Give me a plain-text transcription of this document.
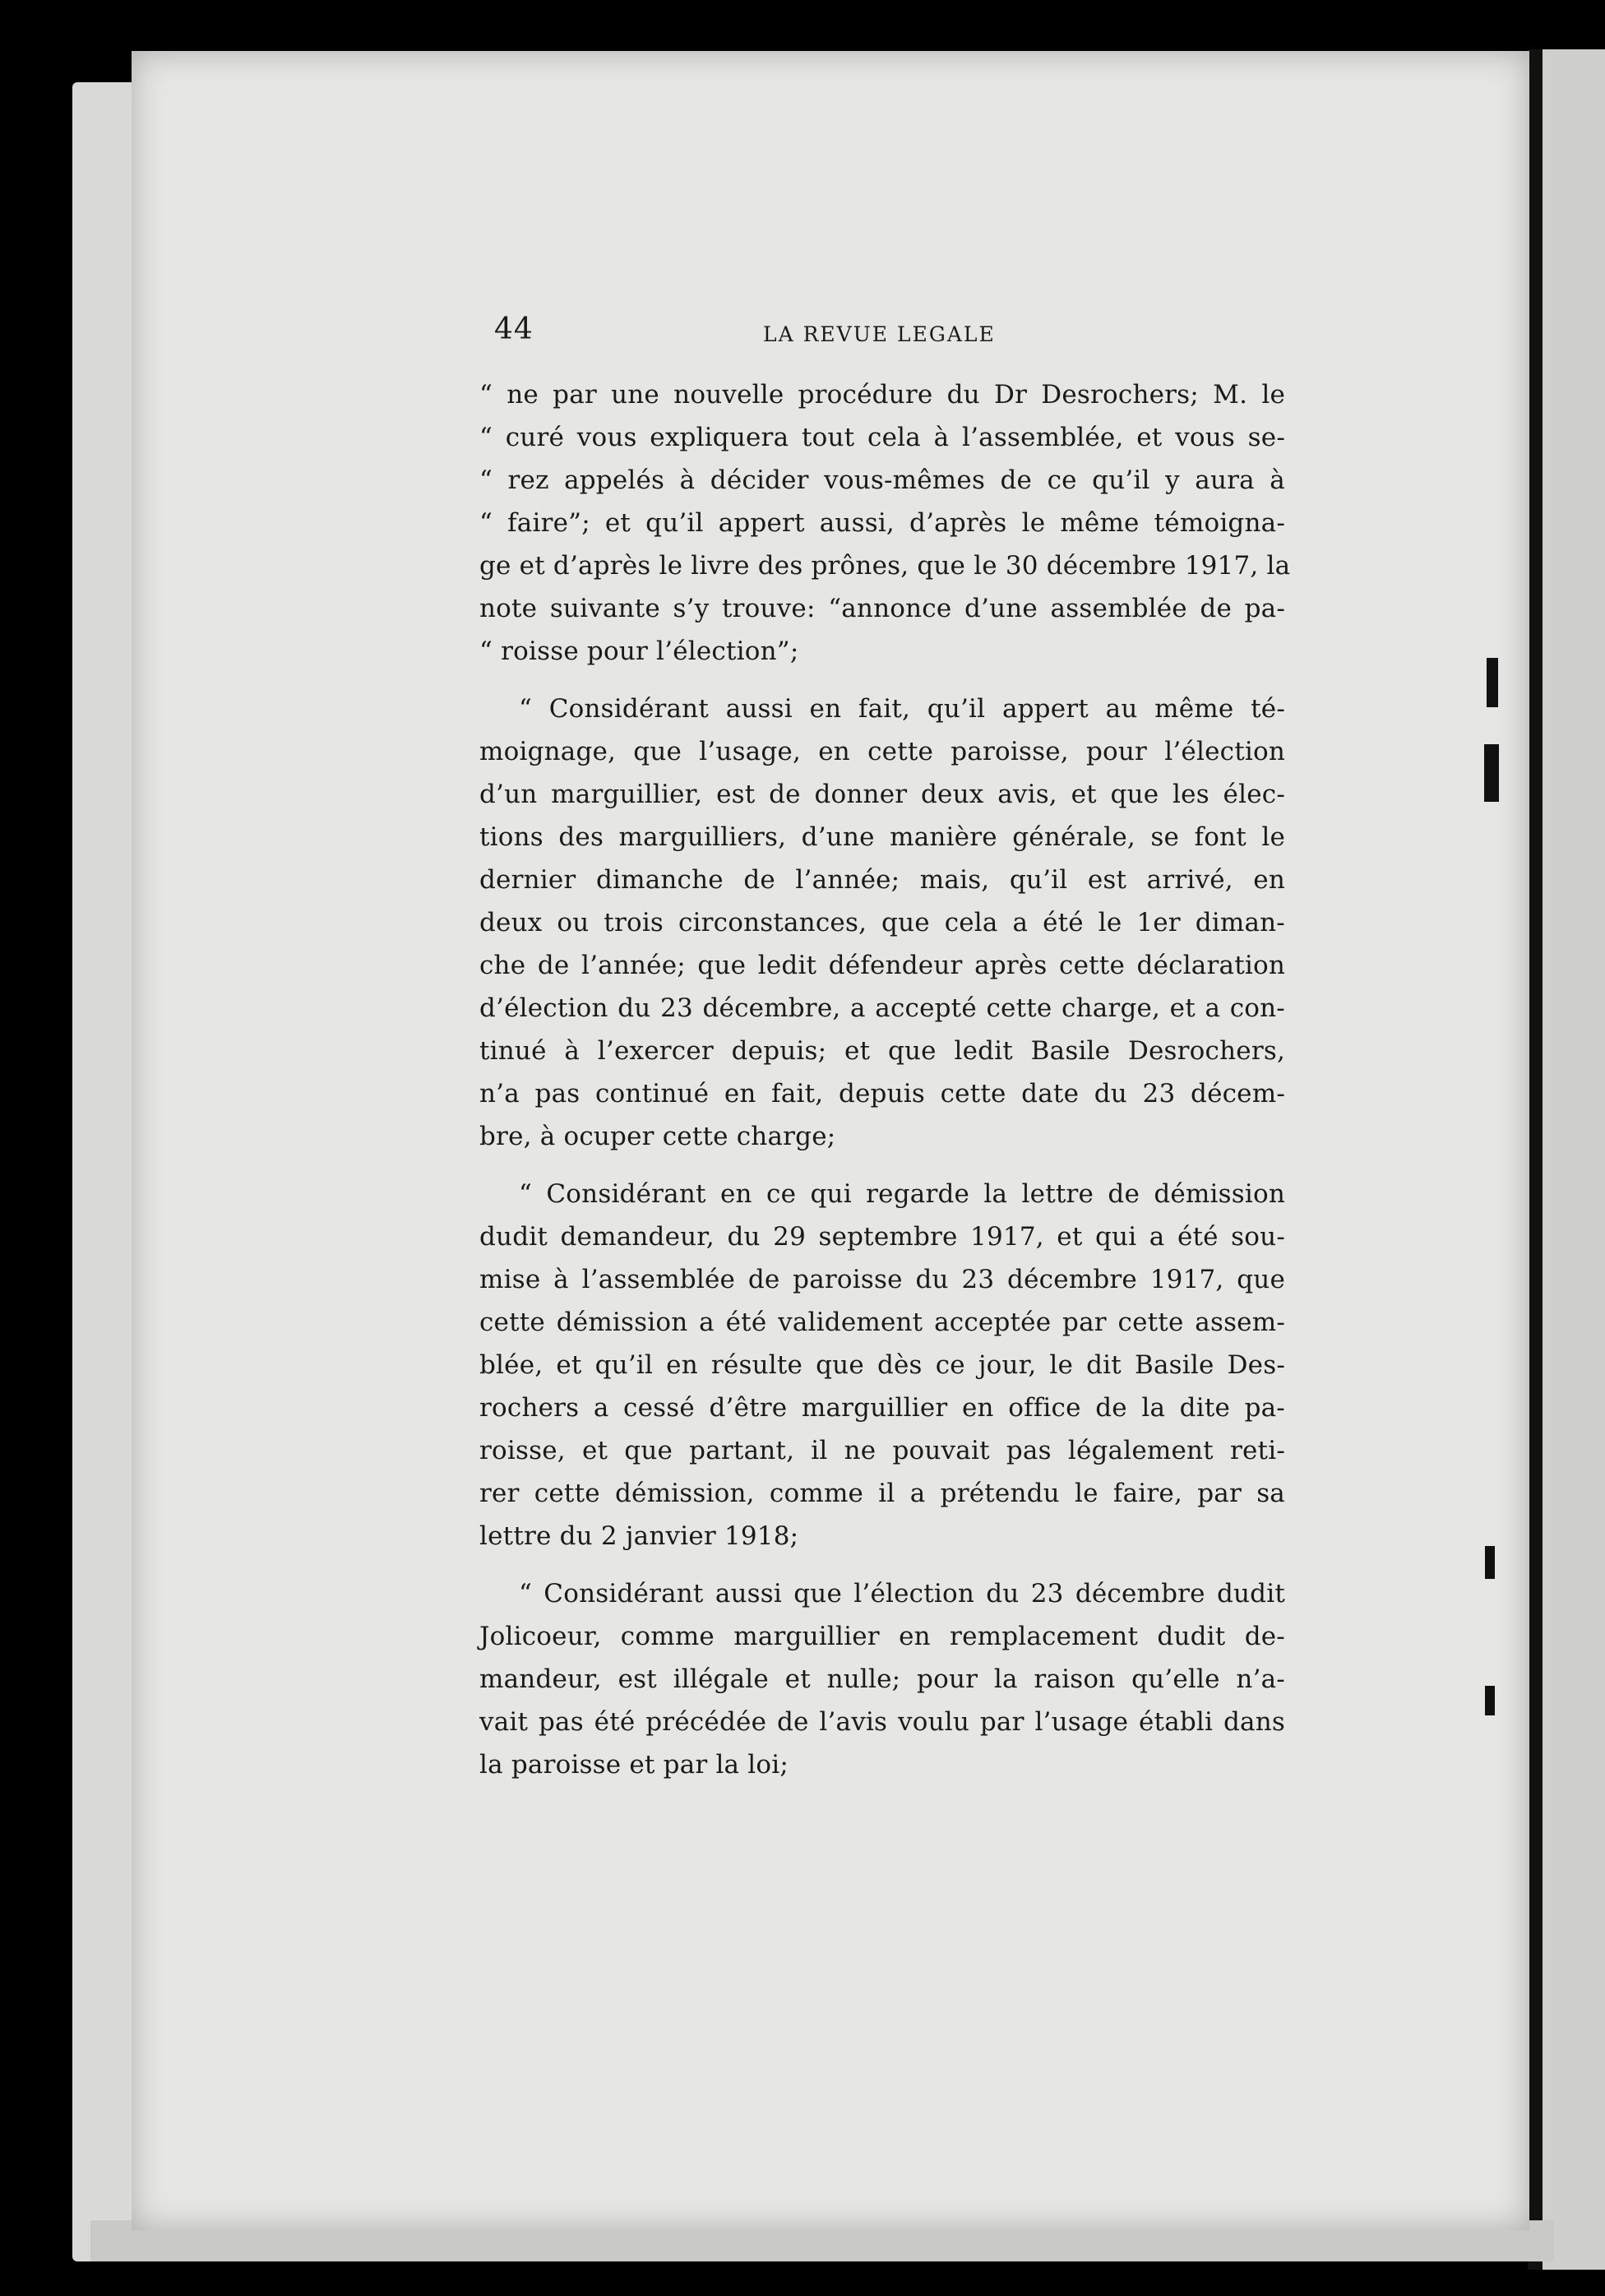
44	LA REVUE LEGALE

“ ne par une nouvelle procédure du Dr Desrochers; M. le
“ curé vous expliquera tout cela à l’assemblée, et vous se-
“ rez appelés à décider vous-mêmes de ce qu’il y aura à
“ faire”; et qu’il appert aussi, d’après le même témoigna-
ge et d’après le livre des prônes, que le 30 décembre 1917, la
note suivante s’y trouve: “annonce d’une assemblée de pa-
“ roisse pour l’élection”;

“ Considérant aussi en fait, qu’il appert au même té-
moignage, que l’usage, en cette paroisse, pour l’élection
d’un marguillier, est de donner deux avis, et que les élec-
tions des marguilliers, d’une manière générale, se font le
dernier dimanche de l’année; mais, qu’il est arrivé, en
deux ou trois circonstances, que cela a été le 1er diman-
che de l’année; que ledit défendeur après cette déclaration
d’élection du 23 décembre, a accepté cette charge, et a con-
tinué à l’exercer depuis; et que ledit Basile Desrochers,
n’a pas continué en fait, depuis cette date du 23 décem-
bre, à ocuper cette charge;

“ Considérant en ce qui regarde la lettre de démission
dudit demandeur, du 29 septembre 1917, et qui a été sou-
mise à l’assemblée de paroisse du 23 décembre 1917, que
cette démission a été validement acceptée par cette assem-
blée, et qu’il en résulte que dès ce jour, le dit Basile Des-
rochers a cessé d’être marguillier en office de la dite pa-
roisse, et que partant, il ne pouvait pas légalement reti-
rer cette démission, comme il a prétendu le faire, par sa
lettre du 2 janvier 1918;

“ Considérant aussi que l’élection du 23 décembre dudit
Jolicoeur, comme marguillier en remplacement dudit de-
mandeur, est illégale et nulle; pour la raison qu’elle n’a-
vait pas été précédée de l’avis voulu par l’usage établi dans
la paroisse et par la loi;
